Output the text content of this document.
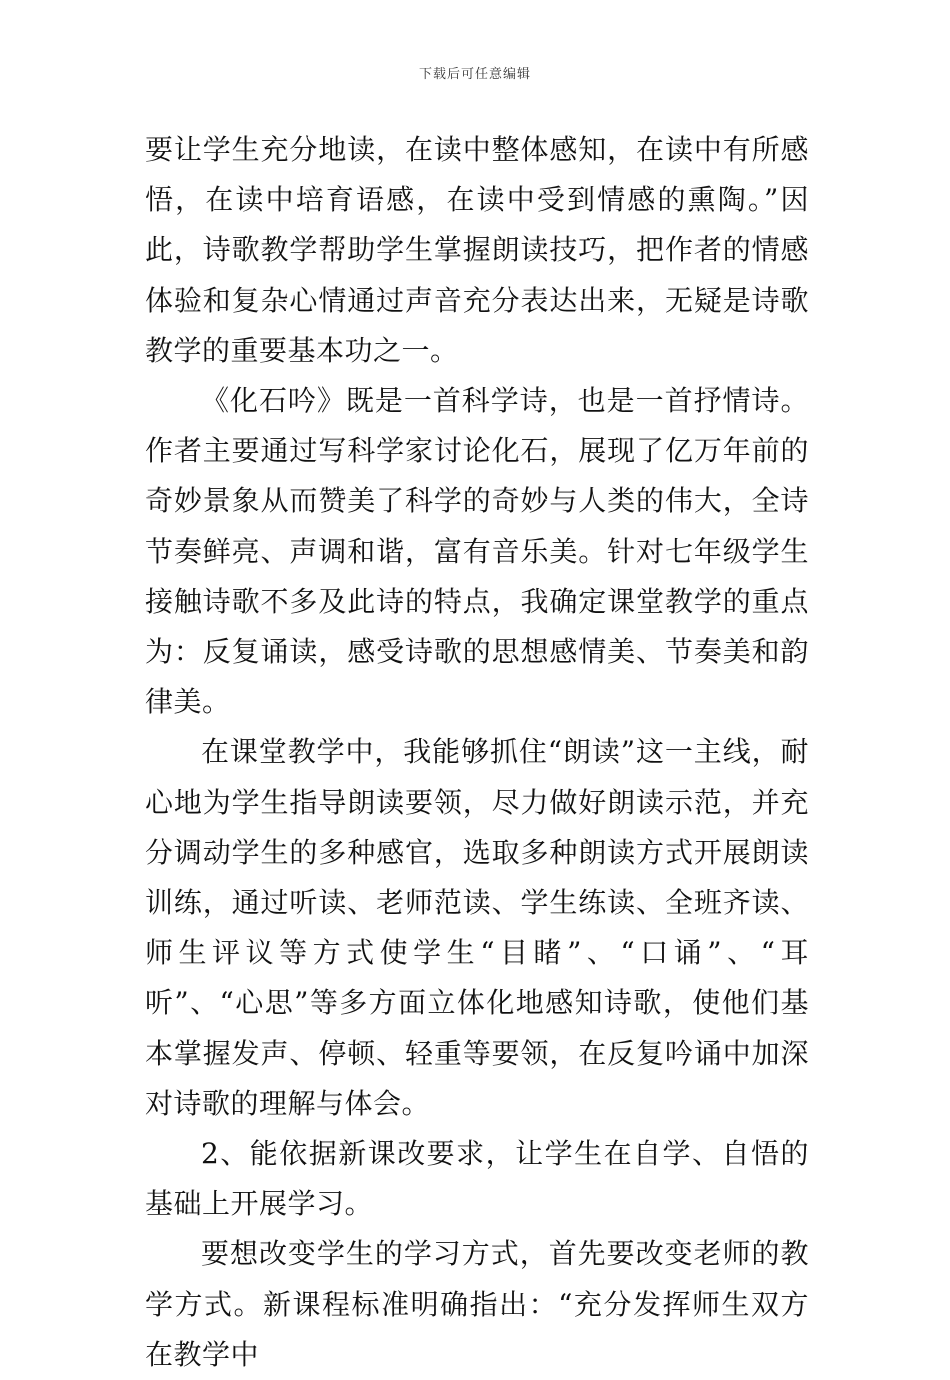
下载后可任意编辑

要让学生充分地读，在读中整体感知，在读中有所感悟，在读中培育语感，在读中受到情感的熏陶。”因此，诗歌教学帮助学生掌握朗读技巧，把作者的情感体验和复杂心情通过声音充分表达出来，无疑是诗歌教学的重要基本功之一。

《化石吟》既是一首科学诗，也是一首抒情诗。作者主要通过写科学家讨论化石，展现了亿万年前的奇妙景象从而赞美了科学的奇妙与人类的伟大，全诗节奏鲜亮、声调和谐，富有音乐美。针对七年级学生接触诗歌不多及此诗的特点，我确定课堂教学的重点为：反复诵读，感受诗歌的思想感情美、节奏美和韵律美。

在课堂教学中，我能够抓住“朗读”这一主线，耐心地为学生指导朗读要领，尽力做好朗读示范，并充分调动学生的多种感官，选取多种朗读方式开展朗读训练，通过听读、老师范读、学生练读、全班齐读、师生评议等方式使学生“目睹”、“口诵”、“耳听”、“心思”等多方面立体化地感知诗歌，使他们基本掌握发声、停顿、轻重等要领，在反复吟诵中加深对诗歌的理解与体会。

2、能依据新课改要求，让学生在自学、自悟的基础上开展学习。

要想改变学生的学习方式，首先要改变老师的教学方式。新课程标准明确指出：“充分发挥师生双方在教学中
